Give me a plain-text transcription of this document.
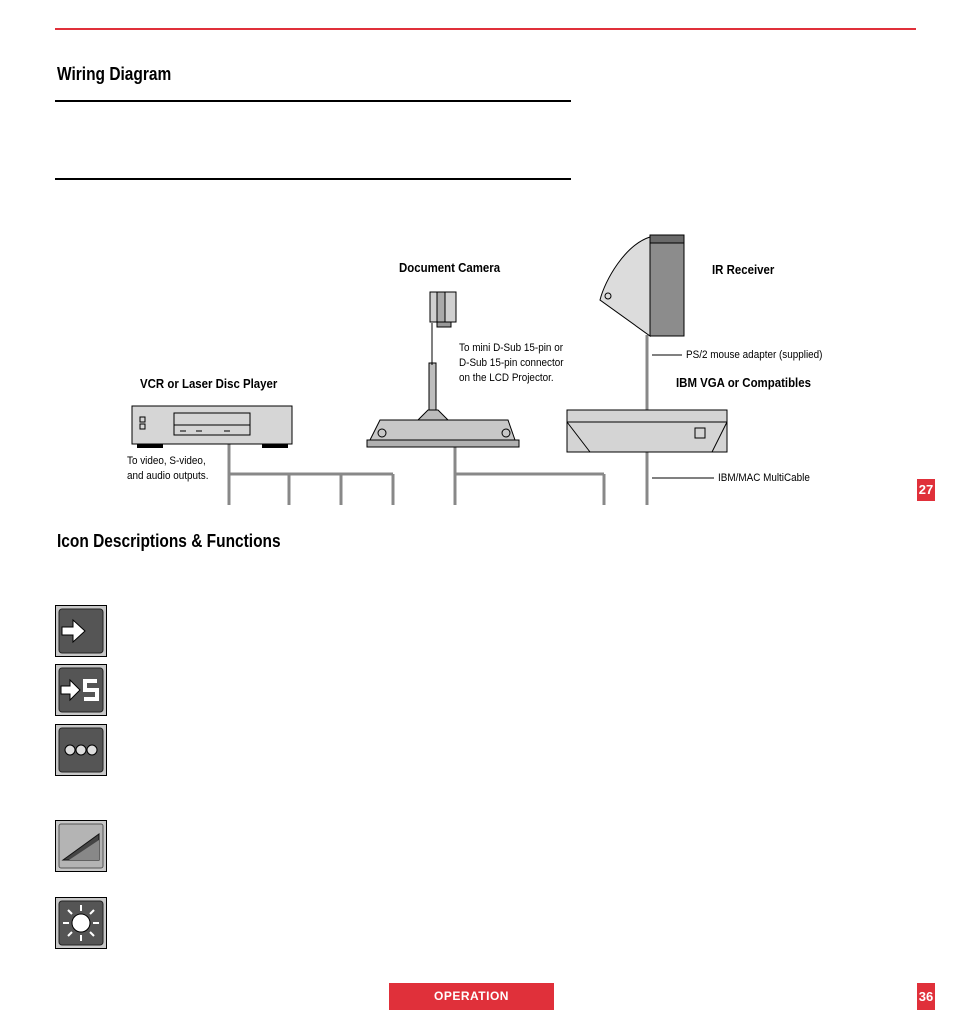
Wiring Diagram
Document Camera	IR Receiver
VCR or Laser Disc Player	IBM VGA or Compatibles
To mini D-Sub 15-pin or
D-Sub 15-pin connector
on the LCD Projector.
PS/2 mouse adapter (supplied)
To video, S-video,
and audio outputs.	IBM/MAC MultiCable
27
Icon Descriptions & Functions
OPERATION	36
